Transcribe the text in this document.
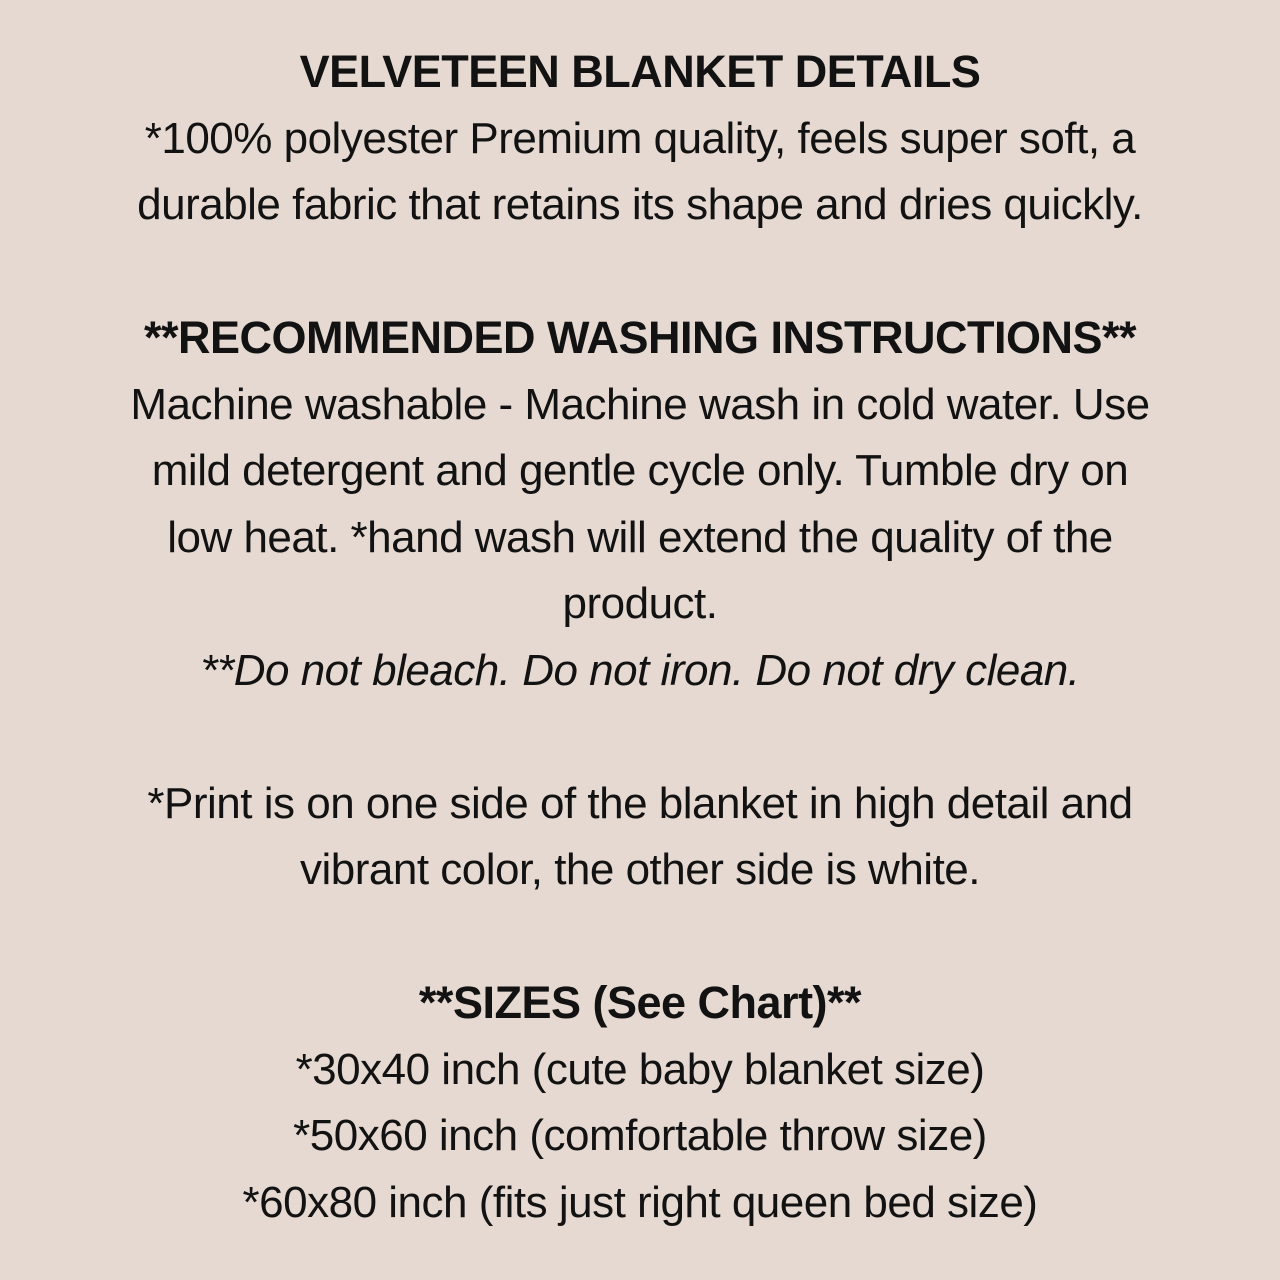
VELVETEEN BLANKET DETAILS
*100% polyester Premium quality, feels super soft, a
durable fabric that retains its shape and dries quickly.
**RECOMMENDED WASHING INSTRUCTIONS**
Machine washable - Machine wash in cold water. Use
mild detergent and gentle cycle only. Tumble dry on
low heat. *hand wash will extend the quality of the
product.
**Do not bleach. Do not iron. Do not dry clean.
*Print is on one side of the blanket in high detail and
vibrant color, the other side is white.
**SIZES (See Chart)**
*30x40 inch (cute baby blanket size)
*50x60 inch (comfortable throw size)
*60x80 inch (fits just right queen bed size)
